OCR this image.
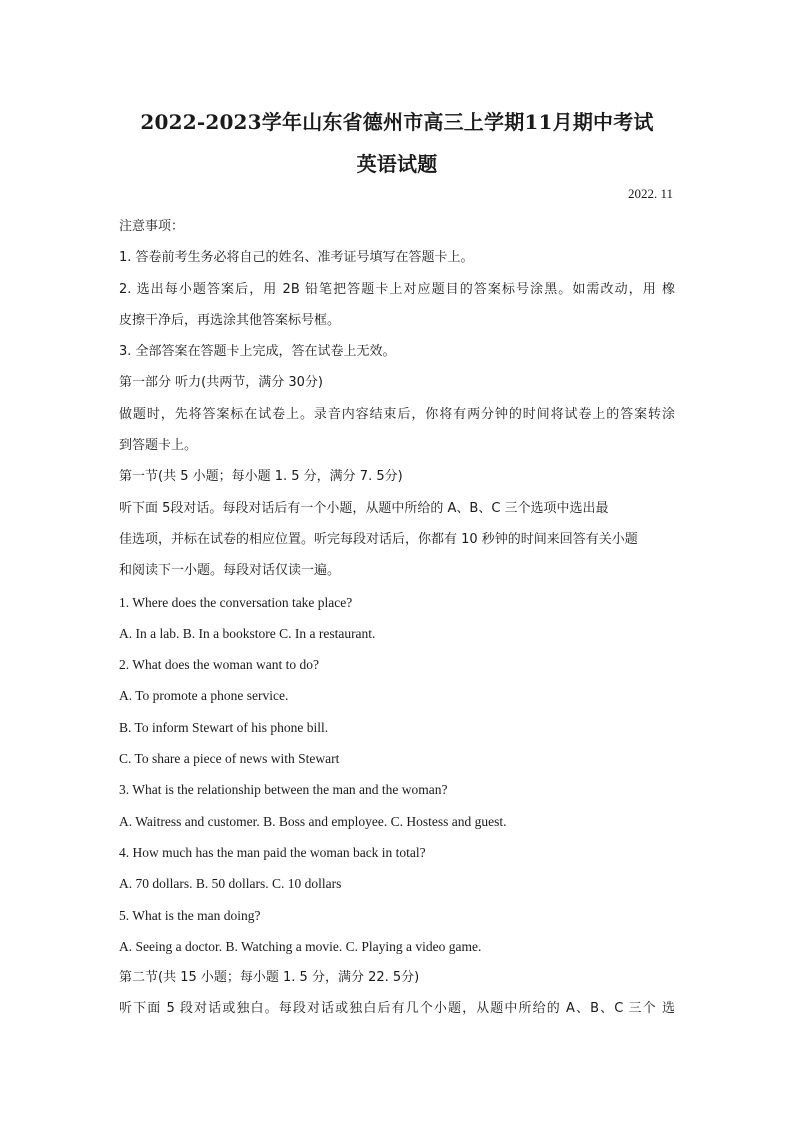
2022-2023学年山东省德州市高三上学期11月期中考试
英语试题
2022. 11
注意事项：
1. 答卷前考生务必将自己的姓名、准考证号填写在答题卡上。
2. 选出每小题答案后，用 2B 铅笔把答题卡上对应题目的答案标号涂黑。如需改动，用 橡
皮擦干净后，再选涂其他答案标号框。
3. 全部答案在答题卡上完成，答在试卷上无效。
第一部分 听力(共两节，满分 30分)
做题时，先将答案标在试卷上。录音内容结束后，你将有两分钟的时间将试卷上的答案转涂
到答题卡上。
第一节(共 5 小题；每小题 1. 5 分，满分 7. 5分)
听下面 5段对话。每段对话后有一个小题，从题中所给的 A、B、C 三个选项中选出最
佳选项，并标在试卷的相应位置。听完每段对话后，你都有 10 秒钟的时间来回答有关小题
和阅读下一小题。每段对话仅读一遍。
1. Where does the conversation take place?
A. In a lab. B. In a bookstore C. In a restaurant.
2. What does the woman want to do?
A. To promote a phone service.
B. To inform Stewart of his phone bill.
C. To share a piece of news with Stewart
3. What is the relationship between the man and the woman?
A. Waitress and customer. B. Boss and employee. C. Hostess and guest.
4. How much has the man paid the woman back in total?
A. 70 dollars. B. 50 dollars. C. 10 dollars
5. What is the man doing?
A. Seeing a doctor. B. Watching a movie. C. Playing a video game.
第二节(共 15 小题；每小题 1. 5 分，满分 22. 5分)
听下面 5 段对话或独白。每段对话或独白后有几个小题，从题中所给的 A、B、C 三个 选
